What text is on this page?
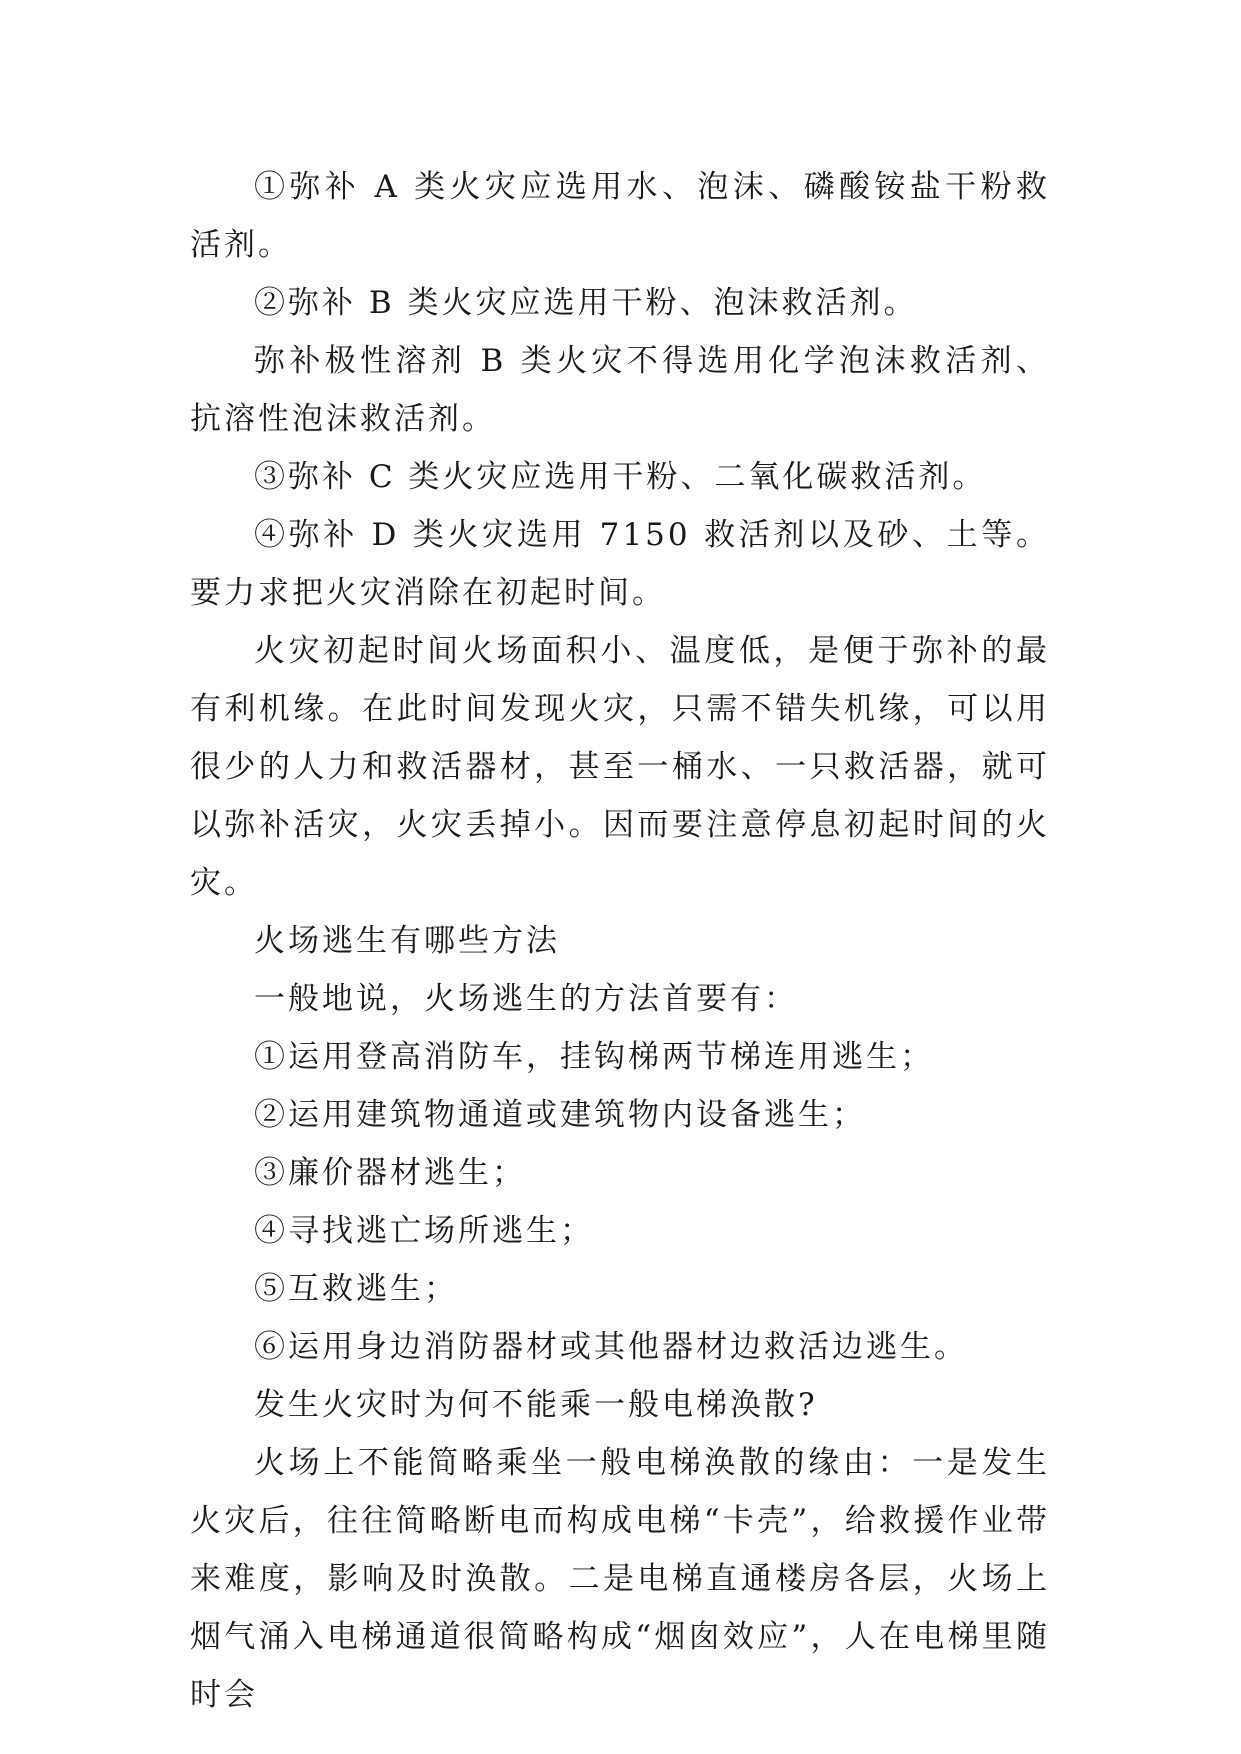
①弥补 A 类火灾应选用水、泡沫、磷酸铵盐干粉救活剂。

②弥补 B 类火灾应选用干粉、泡沫救活剂。

弥补极性溶剂 B 类火灾不得选用化学泡沫救活剂、抗溶性泡沫救活剂。

③弥补 C 类火灾应选用干粉、二氧化碳救活剂。

④弥补 D 类火灾选用 7150 救活剂以及砂、土等。 要力求把火灾消除在初起时间。

火灾初起时间火场面积小、温度低，是便于弥补的最有利机缘。在此时间发现火灾，只需不错失机缘，可以用很少的人力和救活器材，甚至一桶水、一只救活器，就可以弥补活灾，火灾丢掉小。因而要注意停息初起时间的火灾。

火场逃生有哪些方法

一般地说，火场逃生的方法首要有：

①运用登高消防车，挂钩梯两节梯连用逃生；

②运用建筑物通道或建筑物内设备逃生；

③廉价器材逃生；

④寻找逃亡场所逃生；

⑤互救逃生；

⑥运用身边消防器材或其他器材边救活边逃生。

发生火灾时为何不能乘一般电梯涣散?

火场上不能简略乘坐一般电梯涣散的缘由：一是发生火灾后，往往简略断电而构成电梯“卡壳”，给救援作业带来难度，影响及时涣散。二是电梯直通楼房各层，火场上烟气涌入电梯通道很简略构成“烟囱效应”，人在电梯里随时会
